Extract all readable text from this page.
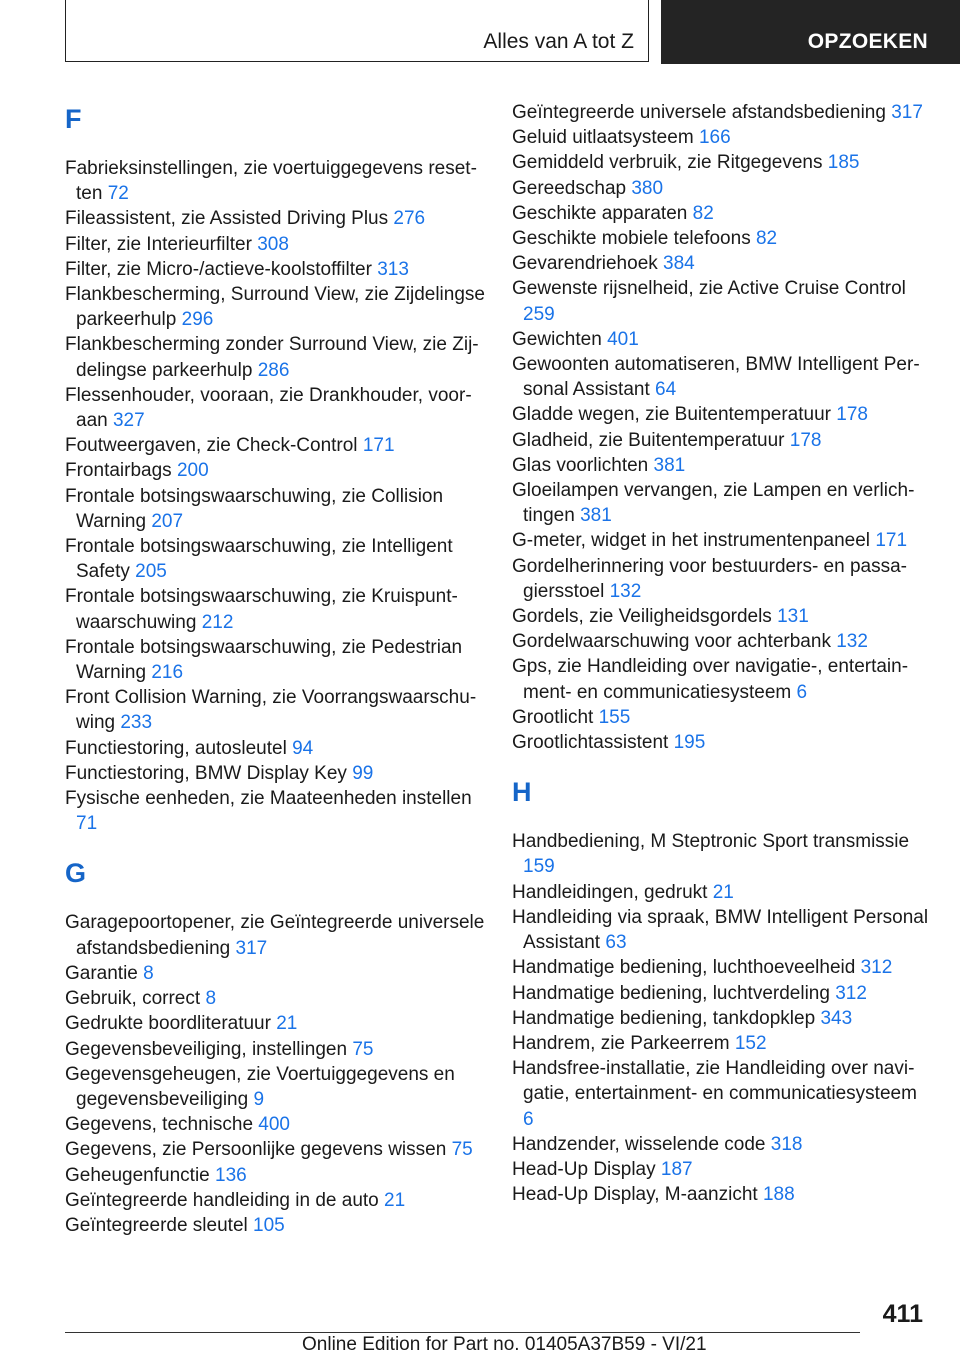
Alles van A tot Z	OPZOEKEN
F
Fabrieksinstellingen, zie voertuiggegevens resetten 72
Fileassistent, zie Assisted Driving Plus 276
Filter, zie Interieurfilter 308
Filter, zie Micro-/actieve-koolstoffilter 313
Flankbescherming, Surround View, zie Zijdelingse parkeerhulp 296
Flankbescherming zonder Surround View, zie Zijdelingse parkeerhulp 286
Flessenhouder, vooraan, zie Drankhouder, vooraan 327
Foutweergaven, zie Check-Control 171
Frontairbags 200
Frontale botsingswaarschuwing, zie Collision Warning 207
Frontale botsingswaarschuwing, zie Intelligent Safety 205
Frontale botsingswaarschuwing, zie Kruispuntwaarschuwing 212
Frontale botsingswaarschuwing, zie Pedestrian Warning 216
Front Collision Warning, zie Voorrangswaarschuwing 233
Functiestoring, autosleutel 94
Functiestoring, BMW Display Key 99
Fysische eenheden, zie Maateenheden instellen 71
G
Garagepoortopener, zie Geïntegreerde universele afstandsbediening 317
Garantie 8
Gebruik, correct 8
Gedrukte boordliteratuur 21
Gegevensbeveiliging, instellingen 75
Gegevensgeheugen, zie Voertuiggegevens en gegevensbeveiliging 9
Gegevens, technische 400
Gegevens, zie Persoonlijke gegevens wissen 75
Geheugenfunctie 136
Geïntegreerde handleiding in de auto 21
Geïntegreerde sleutel 105
Geïntegreerde universele afstandsbediening 317
Geluid uitlaatsysteem 166
Gemiddeld verbruik, zie Ritgegevens 185
Gereedschap 380
Geschikte apparaten 82
Geschikte mobiele telefoons 82
Gevarendriehoek 384
Gewenste rijsnelheid, zie Active Cruise Control 259
Gewichten 401
Gewoonten automatiseren, BMW Intelligent Personal Assistant 64
Gladde wegen, zie Buitentemperatuur 178
Gladheid, zie Buitentemperatuur 178
Glas voorlichten 381
Gloeilampen vervangen, zie Lampen en verlichtingen 381
G-meter, widget in het instrumentenpaneel 171
Gordelherinnering voor bestuurders- en passagiersstoel 132
Gordels, zie Veiligheidsgordels 131
Gordelwaarschuwing voor achterbank 132
Gps, zie Handleiding over navigatie-, entertainment- en communicatiesysteem 6
Grootlicht 155
Grootlichtassistent 195
H
Handbediening, M Steptronic Sport transmissie 159
Handleidingen, gedrukt 21
Handleiding via spraak, BMW Intelligent Personal Assistant 63
Handmatige bediening, luchthoeveelheid 312
Handmatige bediening, luchtverdeling 312
Handmatige bediening, tankdopklep 343
Handrem, zie Parkeerrem 152
Handsfree-installatie, zie Handleiding over navigatie, entertainment- en communicatiesysteem 6
Handzender, wisselende code 318
Head-Up Display 187
Head-Up Display, M-aanzicht 188
411
Online Edition for Part no. 01405A37B59 - VI/21
